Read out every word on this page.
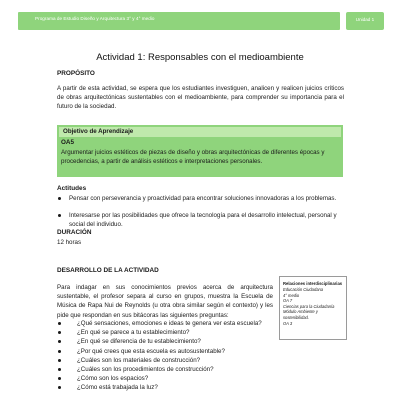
Programa de Estudio Diseño y Arquitectura 3° y 4° medio	Unidad 1
Actividad 1: Responsables con el medioambiente
PROPÓSITO
A partir de esta actividad, se espera que los estudiantes investiguen, analicen y realicen juicios críticos de obras arquitectónicas sustentables con el medioambiente, para comprender su importancia para el futuro de la sociedad.
Objetivo de Aprendizaje
OA5
Argumentar juicios estéticos de piezas de diseño y obras arquitectónicas de diferentes épocas y procedencias, a partir de análisis estéticos e interpretaciones personales.
Actitudes
Pensar con perseverancia y proactividad para encontrar soluciones innovadoras a los problemas.
Interesarse por las posibilidades que ofrece la tecnología para el desarrollo intelectual, personal y social del individuo.
DURACIÓN
12 horas
DESARROLLO DE LA ACTIVIDAD
Para indagar en sus conocimientos previos acerca de arquitectura sustentable, el profesor separa al curso en grupos, muestra la Escuela de Música de Rapa Nui de Reynolds (u otra obra similar según el contexto) y les pide que respondan en sus bitácoras las siguientes preguntas:
¿Qué sensaciones, emociones e ideas te genera ver esta escuela?
¿En qué se parece a tu establecimiento?
¿En qué se diferencia de tu establecimiento?
¿Por qué crees que esta escuela es autosustentable?
¿Cuáles son los materiales de construcción?
¿Cuáles son los procedimientos de construcción?
¿Cómo son los espacios?
¿Cómo está trabajada la luz?
Relaciones interdisciplinarias
Educación Ciudadana
4° medio
OA 7
Ciencias para la Ciudadanía
Módulo Ambiente y
sostenibilidad.
OA 3
